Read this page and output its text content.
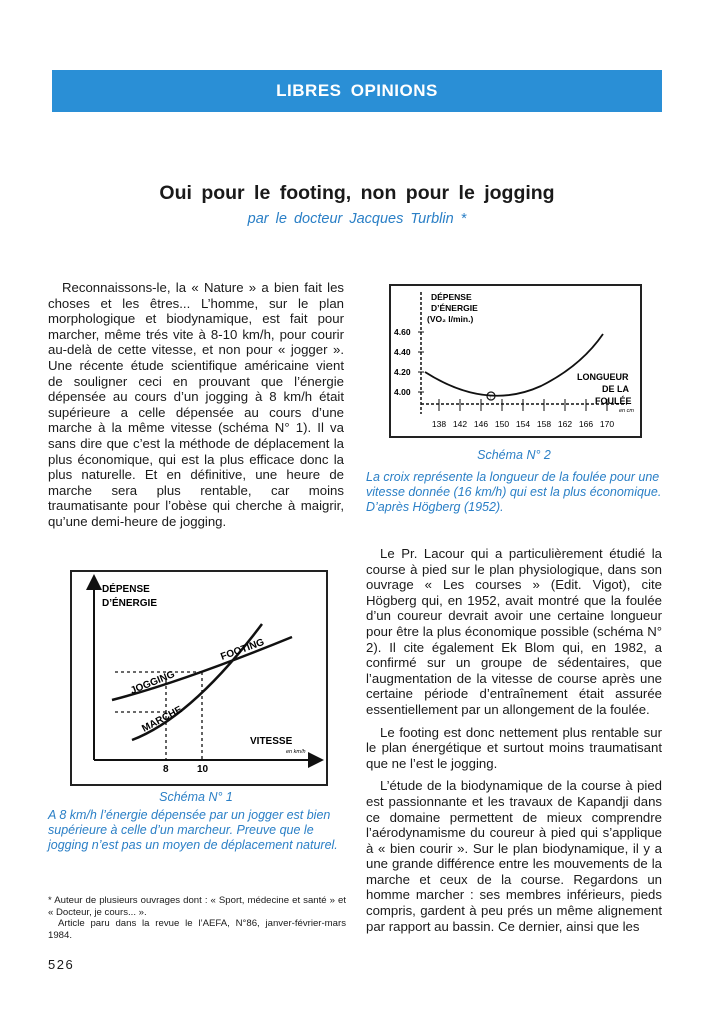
LIBRES OPINIONS
Oui pour le footing, non pour le jogging
par le docteur Jacques Turblin *

Reconnaissons-le, la « Nature » a bien fait les choses et les êtres... L’homme, sur le plan morphologique et biodynamique, est fait pour marcher, même trés vite à 8-10 km/h, pour courir au-delà de cette vitesse, et non pour « jogger ». Une récente étude scientifique américaine vient de souligner ceci en prouvant que l’énergie dépensée au cours d’un jogging à 8 km/h était supérieure a celle dépensée au cours d’une marche à la même vitesse (schéma N° 1). Il va sans dire que c’est la méthode de déplacement la plus économique, qui est la plus efficace donc la plus naturelle. Et en définitive, une heure de marche sera plus rentable, car moins traumatisante pour l’obèse qui cherche à maigrir, qu’une demi-heure de jogging.

DÉPENSE
D’ÉNERGIE
FOOTING
JOGGING
MARCHE
VITESSE
en km/h
8	10
Schéma N° 1
A 8 km/h l’énergie dépensée par un jogger est bien supérieure à celle d’un marcheur. Preuve que le jogging n’est pas un moyen de déplacement naturel.

* Auteur de plusieurs ouvrages dont : « Sport, médecine et santé » et « Docteur, je cours... ».

Article paru dans la revue le l’AEFA, N°86, janver-février-mars 1984.

526
DÉPENSE
D’ÉNERGIE
(VO₂ l/min.)
4.60
4.40
4.20
4.00
138 142 146 150 154 158 162 166 170
↑
LONGUEUR
DE LA
FOULÉE
en cm
Schéma N° 2
La croix représente la longueur de la foulée pour une vitesse donnée (16 km/h) qui est la plus économique. D’après Högberg (1952).

Le Pr. Lacour qui a particulièrement étudié la course à pied sur le plan physiologique, dans son ouvrage « Les courses » (Edit. Vigot), cite Högberg qui, en 1952, avait montré que la foulée d’un coureur devrait avoir une certaine longueur pour être la plus économique possible (schéma N° 2). Il cite également Ek Blom qui, en 1982, a confirmé sur un groupe de sédentaires, que l’augmentation de la vitesse de course après une certaine période d’entraînement était assurée essentiellement par un allongement de la foulée.

Le footing est donc nettement plus rentable sur le plan énergétique et surtout moins traumatisant que ne l’est le jogging.

L’étude de la biodynamique de la course à pied est passionnante et les travaux de Kapandji dans ce domaine permettent de mieux comprendre l’aérodynamisme du coureur à pied qui s’applique à « bien courir ». Sur le plan biodynamique, il y a une grande différence entre les mouvements de la marche et ceux de la course. Regardons un homme marcher : ses membres inférieurs, pieds compris, gardent à peu prés un même alignement par rapport au bassin. Ce dernier, ainsi que les
